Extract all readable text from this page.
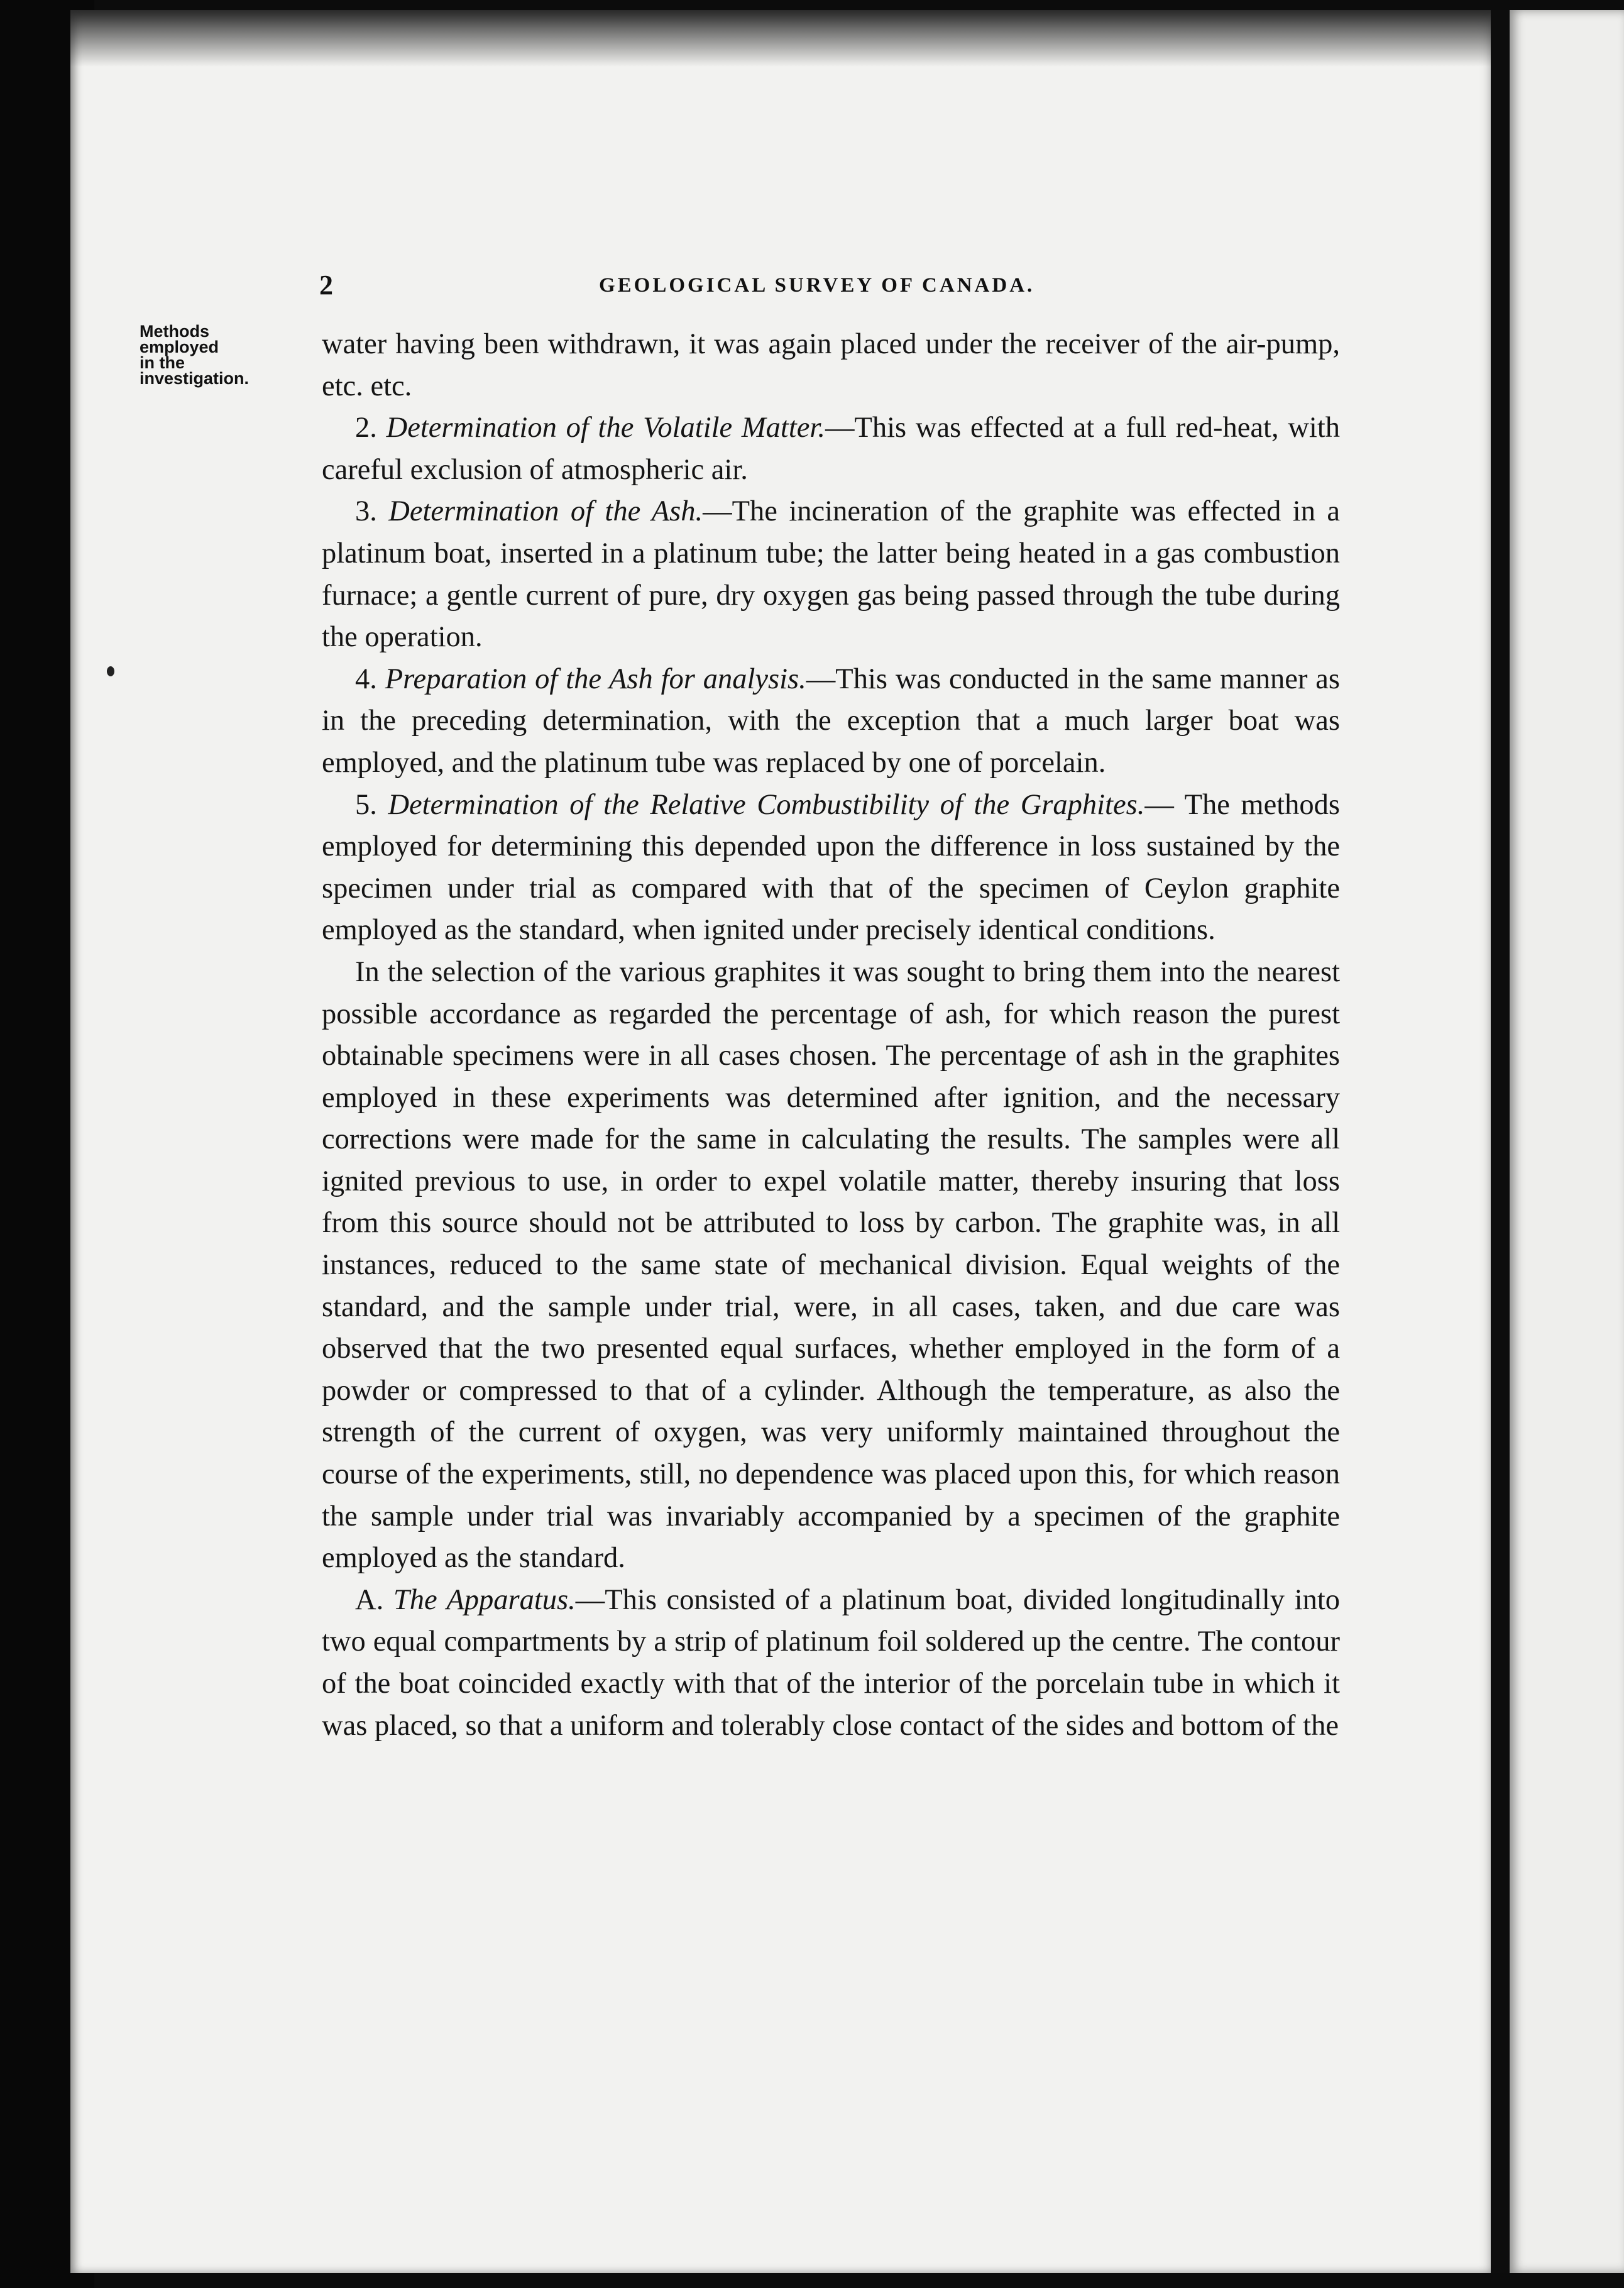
2	GEOLOGICAL SURVEY OF CANADA.
Methods
employed
in the
investigation.

water having been withdrawn, it was again placed under the receiver of the air-pump, etc. etc.

2. Determination of the Volatile Matter.—This was effected at a full red-heat, with careful exclusion of atmospheric air.

3. Determination of the Ash.—The incineration of the graphite was effected in a platinum boat, inserted in a platinum tube; the latter being heated in a gas combustion furnace; a gentle current of pure, dry oxygen gas being passed through the tube during the operation.

4. Preparation of the Ash for analysis.—This was conducted in the same manner as in the preceding determination, with the exception that a much larger boat was employed, and the platinum tube was replaced by one of porcelain.

5. Determination of the Relative Combustibility of the Graphites.— The methods employed for determining this depended upon the difference in loss sustained by the specimen under trial as compared with that of the specimen of Ceylon graphite employed as the standard, when ignited under precisely identical conditions.

In the selection of the various graphites it was sought to bring them into the nearest possible accordance as regarded the percentage of ash, for which reason the purest obtainable specimens were in all cases chosen. The percentage of ash in the graphites employed in these experiments was determined after ignition, and the necessary corrections were made for the same in calculating the results. The samples were all ignited previous to use, in order to expel volatile matter, thereby insuring that loss from this source should not be attributed to loss by carbon. The graphite was, in all instances, reduced to the same state of mechanical division. Equal weights of the standard, and the sample under trial, were, in all cases, taken, and due care was observed that the two presented equal surfaces, whether employed in the form of a powder or compressed to that of a cylinder. Although the temperature, as also the strength of the current of oxygen, was very uniformly maintained throughout the course of the experiments, still, no dependence was placed upon this, for which reason the sample under trial was invariably accompanied by a specimen of the graphite employed as the standard.

A. The Apparatus.—This consisted of a platinum boat, divided longitudinally into two equal compartments by a strip of platinum foil soldered up the centre. The contour of the boat coincided exactly with that of the interior of the porcelain tube in which it was placed, so that a uniform and tolerably close contact of the sides and bottom of the
